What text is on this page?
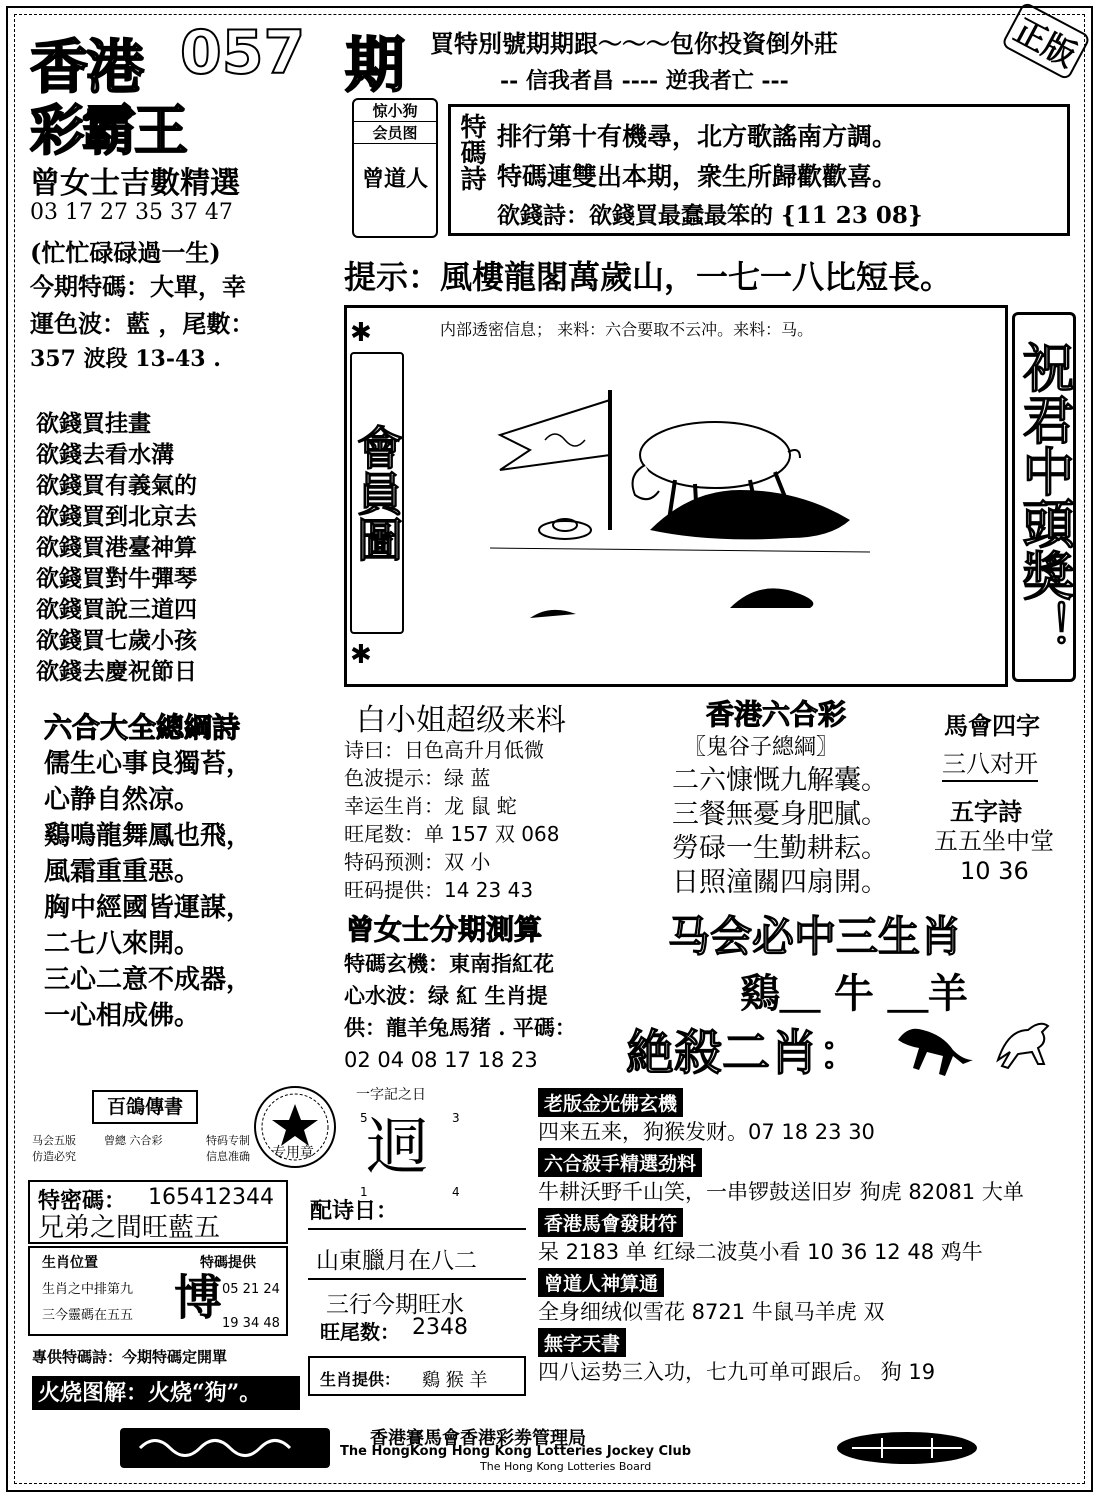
香港 057 期 買特別號期期跟～～～包你投資倒外莊	正版
-- 信我者昌 ---- 逆我者亡 ---
彩霸王
曾女士吉數精選
03 17 27 35 37 47
(忙忙碌碌過一生)
今期特碼：大單，幸
運色波：藍 ，尾數：
357 波段 13-43 .
欲錢買挂畫
欲錢去看水溝
欲錢買有義氣的
欲錢買到北京去
欲錢買港臺神算
欲錢買對牛彈琴
欲錢買說三道四
欲錢買七歲小孩
欲錢去慶祝節日
六合大全總綱詩
儒生心事良獨苔，
心静自然凉。
鷄鳴龍舞鳳也飛，
風霜重重惡。
胸中經國皆運謀，
二七八來開。
三心二意不成器，
一心相成佛。
惊小狗
会员图
曾道人	特碼詩 排行第十有機尋，北方歌謠南方調。
特碼連雙出本期，衆生所歸歡歡喜。
欲錢詩：欲錢買最蠢最笨的 {11 23 08}
提示：風樓龍閣萬歲山，一七一八比短長。
✱
✱
會員圖
内部透密信息； 来料：六合要取不云冲。来料：马。
祝君中頭獎！
白小姐超级来料
诗曰：日色高升月低微
色波提示：绿 蓝
幸运生肖：龙 鼠 蛇
旺尾数：单 157 双 068
特码预测：双 小
旺码提供：14 23 43
曾女士分期測算
特碼玄機：東南指紅花
心水波：绿 紅 生肖提
供：龍羊兔馬猪 . 平碼：
02 04 08 17 18 23
香港六合彩
〖鬼谷子總綱〗
二六慷慨九解囊。
三餐無憂身肥膩。
勞碌一生勤耕耘。
日照潼關四扇開。
馬會四字
三八对开
五字詩
五五坐中堂
10 36
马会必中三生肖
鷄＿ 牛 ＿羊
絶殺二肖：
百鴿傳書
曾總 六合彩
马会五版
仿造必究
特码专制
信息准确 专用章
特密碼： 165412344
兄弟之間旺藍五
生肖位置	特碼提供
生肖之中排第九
三今靈碼在五五 博 05 21 24
19 34 48
專供特碼詩：今期特碼定開單
火烧图解：火烧“狗”。
一字記之日
5	3
迵
1	4
配诗日：
山東臘月在八二
三行今期旺水
旺尾数： 2348
生肖提供： 鷄 猴 羊
老版金光佛玄機
四来五来，狗猴发财。07 18 23 30
六合殺手精選劲料
牛耕沃野千山笑，一串锣鼓送旧岁 狗虎 82081 大单
香港馬會發財符
呆 2183 单 红绿二波莫小看 10 36 12 48 鸡牛
曾道人神算通
全身细绒似雪花 8721 牛鼠马羊虎 双
無字天書
四八运势三入功，七九可单可跟后。 狗 19
香港賽馬會香港彩劵管理局
The HongKong Hong Kong Lotteries Jockey Club
The Hong Kong Lotteries Board
